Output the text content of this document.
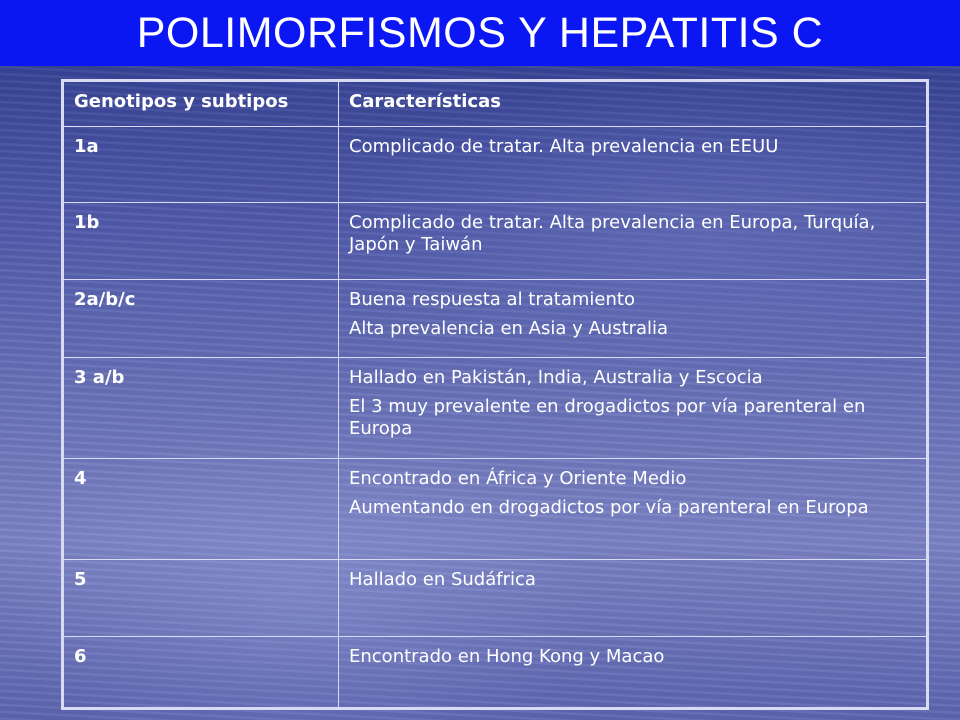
POLIMORFISMOS Y HEPATITIS C
Genotipos y subtipos	Características
1a	Complicado de tratar. Alta prevalencia en EEUU

1b	Complicado de tratar. Alta prevalencia en Europa, Turquía, Japón y Taiwán

2a/b/c	Buena respuesta al tratamiento
Alta prevalencia en Asia y Australia

3 a/b	Hallado en Pakistán, India, Australia y Escocia
El 3 muy prevalente en drogadictos por vía parenteral en Europa

4	Encontrado en África y Oriente Medio
Aumentando en drogadictos por vía parenteral en Europa

5	Hallado en Sudáfrica

6	Encontrado en Hong Kong y Macao
